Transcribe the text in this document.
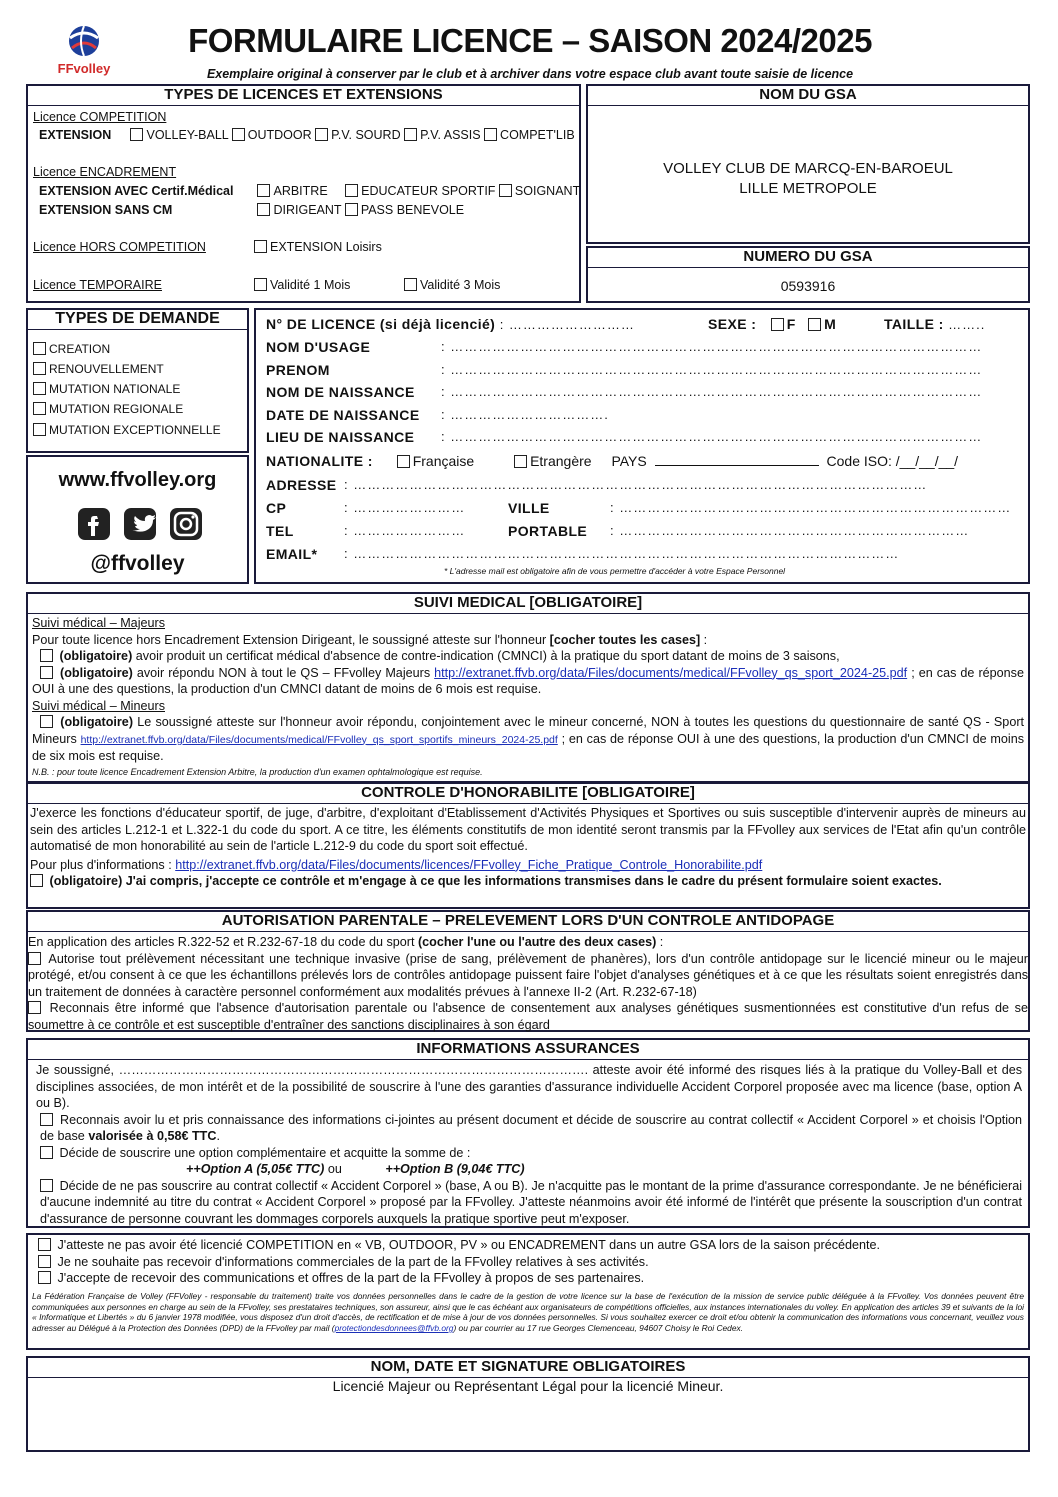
FFvolley
FORMULAIRE LICENCE – SAISON 2024/2025
Exemplaire original à conserver par le club et à archiver dans votre espace club avant toute saisie de licence
TYPES DE LICENCES ET EXTENSIONS
Licence COMPETITION
EXTENSION	VOLLEY-BALL OUTDOOR P.V. SOURD P.V. ASSIS COMPET'LIB
Licence ENCADREMENT
EXTENSION AVEC Certif.Médical	ARBITRE	EDUCATEUR SPORTIF SOIGNANT
EXTENSION SANS CM	DIRIGEANT PASS BENEVOLE
Licence HORS COMPETITION	EXTENSION Loisirs
Licence TEMPORAIRE	Validité 1 Mois	Validité 3 Mois
NOM DU GSA
VOLLEY CLUB DE MARCQ-EN-BAROEUL
LILLE METROPOLE
NUMERO DU GSA
0593916
TYPES DE DEMANDE
CREATION
RENOUVELLEMENT
MUTATION NATIONALE
MUTATION REGIONALE
MUTATION EXCEPTIONNELLE
www.ffvolley.org
@ffvolley
N° DE LICENCE (si déjà licencié) : ………………………	SEXE : F M	TAILLE : ……..
NOM D'USAGE	: ……………………………………………………………………………………………………
PRENOM	: ……………………………………………………………………………………………………
NOM DE NAISSANCE : ……………………………………………………………………………………………………
DATE DE NAISSANCE : …………………………….
LIEU DE NAISSANCE : ……………………………………………………………………………………………………
NATIONALITE :	Française	Etrangère PAYS	Code ISO: /__/__/__/
ADRESSE : ……………………………………………………………………………………………………………
CP	: ……………………	VILLE	: …………………………………………………………………………
TEL	: ……………………	PORTABLE : …………………………………………………………………
EMAIL* : ………………………………………………………………………………………………………
* L'adresse mail est obligatoire afin de vous permettre d'accéder à votre Espace Personnel
SUIVI MEDICAL [OBLIGATOIRE]
Suivi médical – Majeurs
Pour toute licence hors Encadrement Extension Dirigeant, le soussigné atteste sur l'honneur [cocher toutes les cases] :
(obligatoire) avoir produit un certificat médical d'absence de contre-indication (CMNCI) à la pratique du sport datant de moins de 3 saisons,
(obligatoire) avoir répondu NON à tout le QS – FFvolley Majeurs http://extranet.ffvb.org/data/Files/documents/medical/FFvolley_qs_sport_2024-25.pdf ; en cas de réponse OUI à une des questions, la production d'un CMNCI datant de moins de 6 mois est requise.
Suivi médical – Mineurs
(obligatoire) Le soussigné atteste sur l'honneur avoir répondu, conjointement avec le mineur concerné, NON à toutes les questions du questionnaire de santé QS - Sport Mineurs http://extranet.ffvb.org/data/Files/documents/medical/FFvolley_qs_sport_sportifs_mineurs_2024-25.pdf ; en cas de réponse OUI à une des questions, la production d'un CMNCI de moins de six mois est requise.
N.B. : pour toute licence Encadrement Extension Arbitre, la production d'un examen ophtalmologique est requise.
CONTROLE D'HONORABILITE [OBLIGATOIRE]
J'exerce les fonctions d'éducateur sportif, de juge, d'arbitre, d'exploitant d'Etablissement d'Activités Physiques et Sportives ou suis susceptible d'intervenir auprès de mineurs au sein des articles L.212-1 et L.322-1 du code du sport. A ce titre, les éléments constitutifs de mon identité seront transmis par la FFvolley aux services de l'Etat afin qu'un contrôle automatisé de mon honorabilité au sein de l'article L.212-9 du code du sport soit effectué.
Pour plus d'informations : http://extranet.ffvb.org/data/Files/documents/licences/FFvolley_Fiche_Pratique_Controle_Honorabilite.pdf
(obligatoire) J'ai compris, j'accepte ce contrôle et m'engage à ce que les informations transmises dans le cadre du présent formulaire soient exactes.
AUTORISATION PARENTALE – PRELEVEMENT LORS D'UN CONTROLE ANTIDOPAGE
En application des articles R.322-52 et R.232-67-18 du code du sport (cocher l'une ou l'autre des deux cases) :
Autorise tout prélèvement nécessitant une technique invasive (prise de sang, prélèvement de phanères), lors d'un contrôle antidopage sur le licencié mineur ou le majeur protégé, et/ou consent à ce que les échantillons prélevés lors de contrôles antidopage puissent faire l'objet d'analyses génétiques et à ce que les résultats soient enregistrés dans un traitement de données à caractère personnel conformément aux modalités prévues à l'annexe II-2 (Art. R.232-67-18)
Reconnais être informé que l'absence d'autorisation parentale ou l'absence de consentement aux analyses génétiques susmentionnées est constitutive d'un refus de se soumettre à ce contrôle et est susceptible d'entraîner des sanctions disciplinaires à son égard
INFORMATIONS ASSURANCES
Je soussigné, …………………………………………………………………………………………………. atteste avoir été informé des risques liés à la pratique du Volley-Ball et des disciplines associées, de mon intérêt et de la possibilité de souscrire à l'une des garanties d'assurance individuelle Accident Corporel proposée avec ma licence (base, option A ou B).
Reconnais avoir lu et pris connaissance des informations ci-jointes au présent document et décide de souscrire au contrat collectif « Accident Corporel » et choisis l'Option de base valorisée à 0,58€ TTC.
Décide de souscrire une option complémentaire et acquitte la somme de :
++Option A (5,05€ TTC) ou	++Option B (9,04€ TTC)
Décide de ne pas souscrire au contrat collectif « Accident Corporel » (base, A ou B). Je n'acquitte pas le montant de la prime d'assurance correspondante. Je ne bénéficierai d'aucune indemnité au titre du contrat « Accident Corporel » proposé par la FFvolley. J'atteste néanmoins avoir été informé de l'intérêt que présente la souscription d'un contrat d'assurance de personne couvrant les dommages corporels auxquels la pratique sportive peut m'exposer.
J'atteste ne pas avoir été licencié COMPETITION en « VB, OUTDOOR, PV » ou ENCADREMENT dans un autre GSA lors de la saison précédente.
Je ne souhaite pas recevoir d'informations commerciales de la part de la FFvolley relatives à ses activités.
J'accepte de recevoir des communications et offres de la part de la FFvolley à propos de ses partenaires.
La Fédération Française de Volley (FFVolley - responsable du traitement) traite vos données personnelles dans le cadre de la gestion de votre licence sur la base de l'exécution de la mission de service public déléguée à la FFvolley. Vos données peuvent être communiquées aux personnes en charge au sein de la FFvolley, ses prestataires techniques, son assureur, ainsi que le cas échéant aux organisateurs de compétitions officielles, aux instances internationales du volley. En application des articles 39 et suivants de la loi « Informatique et Libertés » du 6 janvier 1978 modifiée, vous disposez d'un droit d'accès, de rectification et de mise à jour de vos données personnelles. Si vous souhaitez exercer ce droit et/ou obtenir la communication des informations vous concernant, veuillez vous adresser au Délégué à la Protection des Données (DPD) de la FFvolley par mail (protectiondesdonnees@ffvb.org) ou par courrier au 17 rue Georges Clemenceau, 94607 Choisy le Roi Cedex.
NOM, DATE ET SIGNATURE OBLIGATOIRES
Licencié Majeur ou Représentant Légal pour la licencié Mineur.
